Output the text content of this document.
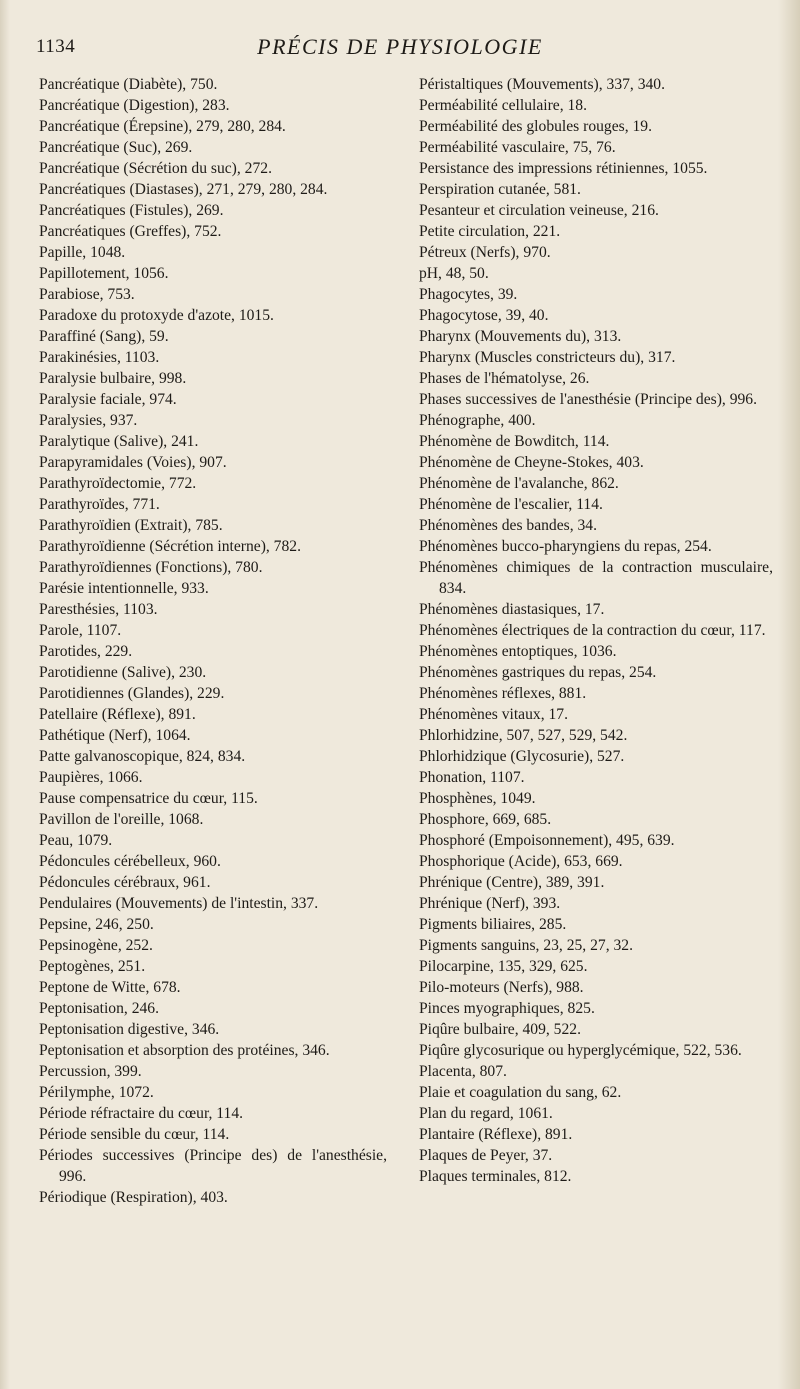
1134	PRÉCIS DE PHYSIOLOGIE
Pancréatique (Diabète), 750.
Pancréatique (Digestion), 283.
Pancréatique (Érepsine), 279, 280, 284.
Pancréatique (Suc), 269.
Pancréatique (Sécrétion du suc), 272.
Pancréatiques (Diastases), 271, 279, 280, 284.
Pancréatiques (Fistules), 269.
Pancréatiques (Greffes), 752.
Papille, 1048.
Papillotement, 1056.
Parabiose, 753.
Paradoxe du protoxyde d'azote, 1015.
Paraffiné (Sang), 59.
Parakinésies, 1103.
Paralysie bulbaire, 998.
Paralysie faciale, 974.
Paralysies, 937.
Paralytique (Salive), 241.
Parapyramidales (Voies), 907.
Parathyroïdectomie, 772.
Parathyroïdes, 771.
Parathyroïdien (Extrait), 785.
Parathyroïdienne (Sécrétion interne), 782.
Parathyroïdiennes (Fonctions), 780.
Parésie intentionnelle, 933.
Paresthésies, 1103.
Parole, 1107.
Parotides, 229.
Parotidienne (Salive), 230.
Parotidiennes (Glandes), 229.
Patellaire (Réflexe), 891.
Pathétique (Nerf), 1064.
Patte galvanoscopique, 824, 834.
Paupières, 1066.
Pause compensatrice du cœur, 115.
Pavillon de l'oreille, 1068.
Peau, 1079.
Pédoncules cérébelleux, 960.
Pédoncules cérébraux, 961.
Pendulaires (Mouvements) de l'intestin, 337.
Pepsine, 246, 250.
Pepsinogène, 252.
Peptogènes, 251.
Peptone de Witte, 678.
Peptonisation, 246.
Peptonisation digestive, 346.
Peptonisation et absorption des protéines, 346.
Percussion, 399.
Périlymphe, 1072.
Période réfractaire du cœur, 114.
Période sensible du cœur, 114.
Périodes successives (Principe des) de l'anesthésie, 996.
Périodique (Respiration), 403.
Péristaltiques (Mouvements), 337, 340.
Perméabilité cellulaire, 18.
Perméabilité des globules rouges, 19.
Perméabilité vasculaire, 75, 76.
Persistance des impressions rétiniennes, 1055.
Perspiration cutanée, 581.
Pesanteur et circulation veineuse, 216.
Petite circulation, 221.
Pétreux (Nerfs), 970.
pH, 48, 50.
Phagocytes, 39.
Phagocytose, 39, 40.
Pharynx (Mouvements du), 313.
Pharynx (Muscles constricteurs du), 317.
Phases de l'hématolyse, 26.
Phases successives de l'anesthésie (Principe des), 996.
Phénographe, 400.
Phénomène de Bowditch, 114.
Phénomène de Cheyne-Stokes, 403.
Phénomène de l'avalanche, 862.
Phénomène de l'escalier, 114.
Phénomènes des bandes, 34.
Phénomènes bucco-pharyngiens du repas, 254.
Phénomènes chimiques de la contraction musculaire, 834.
Phénomènes diastasiques, 17.
Phénomènes électriques de la contraction du cœur, 117.
Phénomènes entoptiques, 1036.
Phénomènes gastriques du repas, 254.
Phénomènes réflexes, 881.
Phénomènes vitaux, 17.
Phlorhidzine, 507, 527, 529, 542.
Phlorhidzique (Glycosurie), 527.
Phonation, 1107.
Phosphènes, 1049.
Phosphore, 669, 685.
Phosphoré (Empoisonnement), 495, 639.
Phosphorique (Acide), 653, 669.
Phrénique (Centre), 389, 391.
Phrénique (Nerf), 393.
Pigments biliaires, 285.
Pigments sanguins, 23, 25, 27, 32.
Pilocarpine, 135, 329, 625.
Pilo-moteurs (Nerfs), 988.
Pinces myographiques, 825.
Piqûre bulbaire, 409, 522.
Piqûre glycosurique ou hyperglycémique, 522, 536.
Placenta, 807.
Plaie et coagulation du sang, 62.
Plan du regard, 1061.
Plantaire (Réflexe), 891.
Plaques de Peyer, 37.
Plaques terminales, 812.
